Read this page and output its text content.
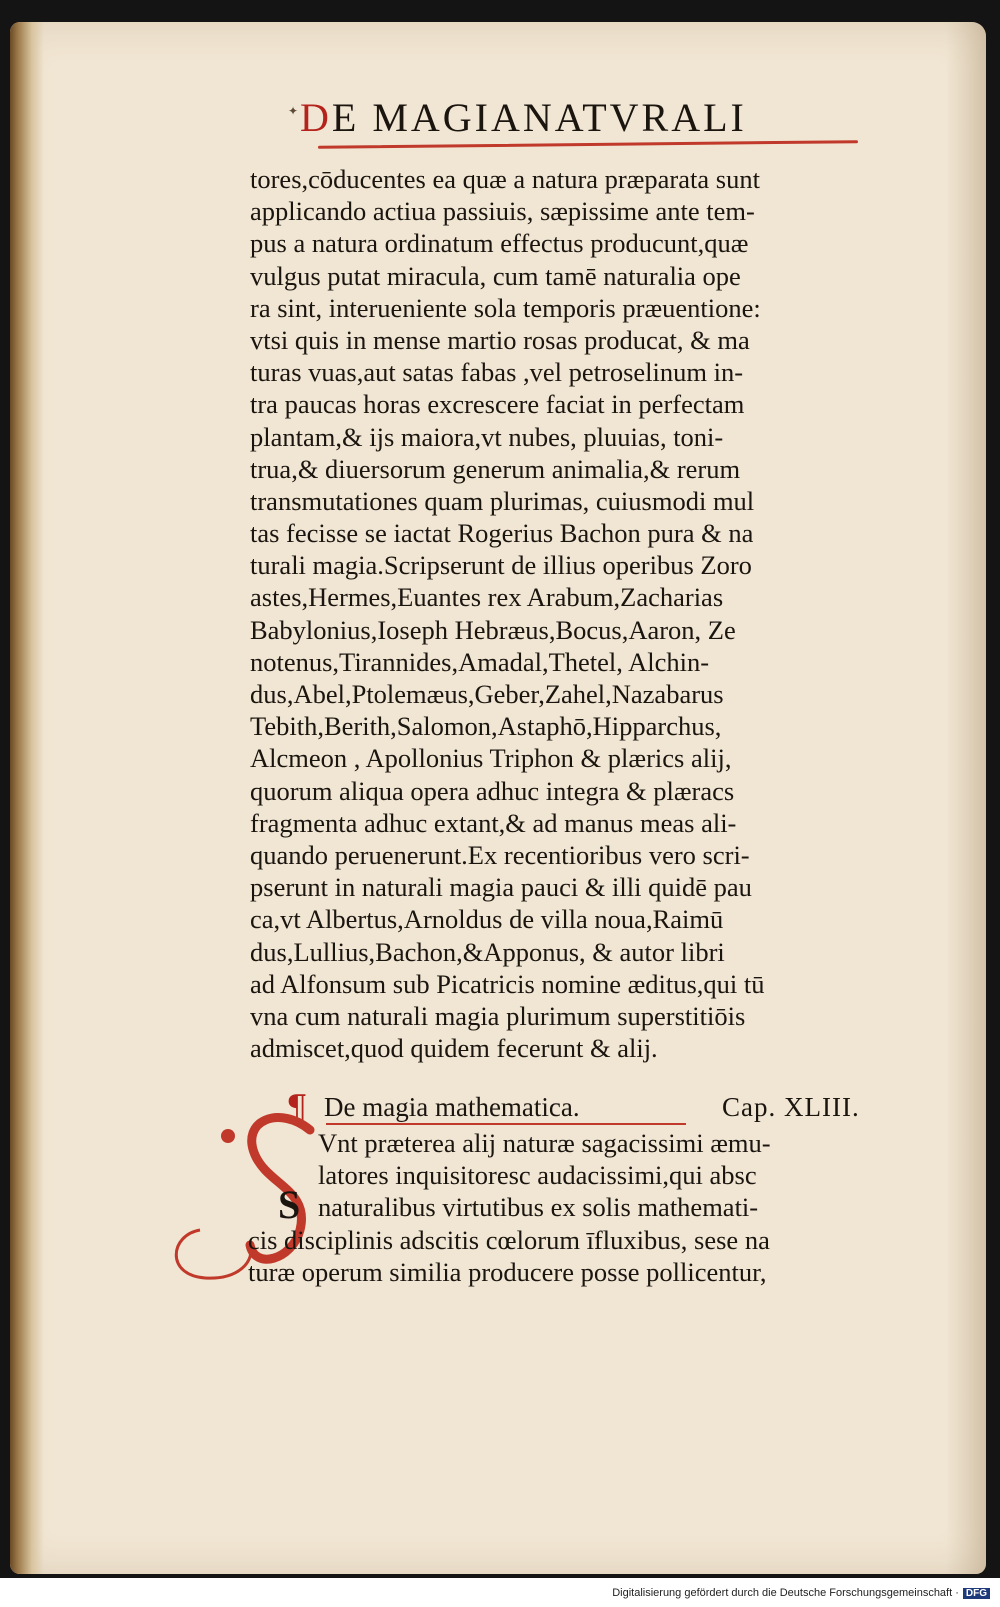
✦ DE MAGIANATVRALI
tores,cōducentes ea quæ a natura præparata sunt
applicando actiua passiuis, sæpissime ante tem-
pus a natura ordinatum effectus producunt,quæ
vulgus putat miracula, cum tamē naturalia ope
ra sint, interueniente sola temporis præuentione:
vtsi quis in mense martio rosas producat, & ma
turas vuas,aut satas fabas ,vel petroselinum in-
tra paucas horas excrescere faciat in perfectam
plantam,& ijs maiora,vt nubes, pluuias, toni-
trua,& diuersorum generum animalia,& rerum
transmutationes quam plurimas, cuiusmodi mul
tas fecisse se iactat Rogerius Bachon pura & na
turali magia.Scripserunt de illius operibus Zoro
astes,Hermes,Euantes rex Arabum,Zacharias
Babylonius,Ioseph Hebræus,Bocus,Aaron, Ze
notenus,Tirannides,Amadal,Thetel, Alchin-
dus,Abel,Ptolemæus,Geber,Zahel,Nazabarus
Tebith,Berith,Salomon,Astaphō,Hipparchus,
Alcmeon , Apollonius Triphon & plærics alij,
quorum aliqua opera adhuc integra & plæracs
fragmenta adhuc extant,& ad manus meas ali-
quando peruenerunt.Ex recentioribus vero scri-
pserunt in naturali magia pauci & illi quidē pau
ca,vt Albertus,Arnoldus de villa noua,Raimū
dus,Lullius,Bachon,&Apponus, & autor libri
ad Alfonsum sub Picatricis nomine æditus,qui tū
vna cum naturali magia plurimum superstitiōis
admiscet,quod quidem fecerunt & alij.
¶ De magia mathematica.	Cap. XLIII.
S
Vnt præterea alij naturæ sagacissimi æmu-
latores inquisitoresc audacissimi,qui absc
naturalibus virtutibus ex solis mathemati-
cis disciplinis adscitis cœlorum īfluxibus, sese na
turæ operum similia producere posse pollicentur,
Digitalisierung gefördert durch die Deutsche Forschungsgemeinschaft · DFG
